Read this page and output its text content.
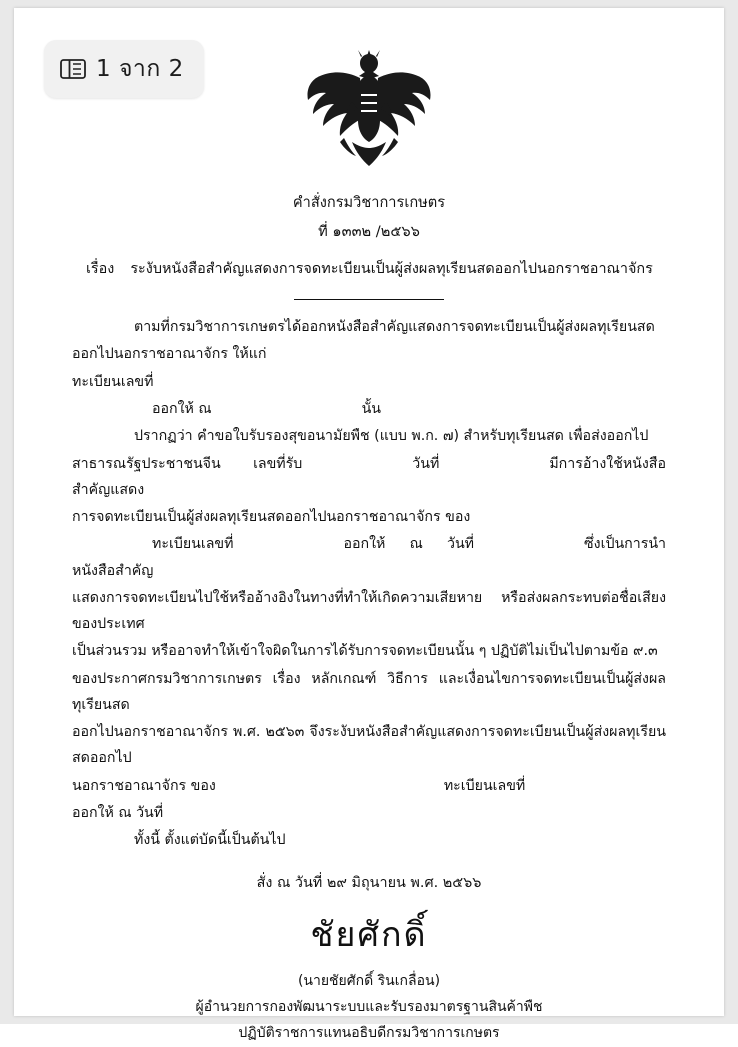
1 จาก 2
คำสั่งกรมวิชาการเกษตร
ที่ ๑๓๓๒ /๒๕๖๖
เรื่อง ระงับหนังสือสำคัญแสดงการจดทะเบียนเป็นผู้ส่งผลทุเรียนสดออกไปนอกราชอาณาจักร

ตามที่กรมวิชาการเกษตรได้ออกหนังสือสำคัญแสดงการจดทะเบียนเป็นผู้ส่งผลทุเรียนสด

ออกไปนอกราชอาณาจักร ให้แก่

ทะเบียนเลขที่

ออกให้ ณ	นั้น

ปรากฏว่า คำขอใบรับรองสุขอนามัยพืช (แบบ พ.ก. ๗) สำหรับทุเรียนสด เพื่อส่งออกไป

สาธารณรัฐประชาชนจีน เลขที่รับ	วันที่	มีการอ้างใช้หนังสือสำคัญแสดง

การจดทะเบียนเป็นผู้ส่งผลทุเรียนสดออกไปนอกราชอาณาจักร ของ

ทะเบียนเลขที่	ออกให้ ณ วันที่	ซึ่งเป็นการนำหนังสือสำคัญ

แสดงการจดทะเบียนไปใช้หรืออ้างอิงในทางที่ทำให้เกิดความเสียหาย หรือส่งผลกระทบต่อชื่อเสียงของประเทศ

เป็นส่วนรวม หรืออาจทำให้เข้าใจผิดในการได้รับการจดทะเบียนนั้น ๆ ปฏิบัติไม่เป็นไปตามข้อ ๙.๓

ของประกาศกรมวิชาการเกษตร เรื่อง หลักเกณฑ์ วิธีการ และเงื่อนไขการจดทะเบียนเป็นผู้ส่งผลทุเรียนสด

ออกไปนอกราชอาณาจักร พ.ศ. ๒๕๖๓ จึงระงับหนังสือสำคัญแสดงการจดทะเบียนเป็นผู้ส่งผลทุเรียนสดออกไป

นอกราชอาณาจักร ของ	ทะเบียนเลขที่

ออกให้ ณ วันที่

ทั้งนี้ ตั้งแต่บัดนี้เป็นต้นไป

สั่ง ณ วันที่ ๒๙ มิถุนายน พ.ศ. ๒๕๖๖
ชัยศักดิ์
(นายชัยศักดิ์ รินเกลื่อน)
ผู้อำนวยการกองพัฒนาระบบและรับรองมาตรฐานสินค้าพืช
ปฏิบัติราชการแทนอธิบดีกรมวิชาการเกษตร
